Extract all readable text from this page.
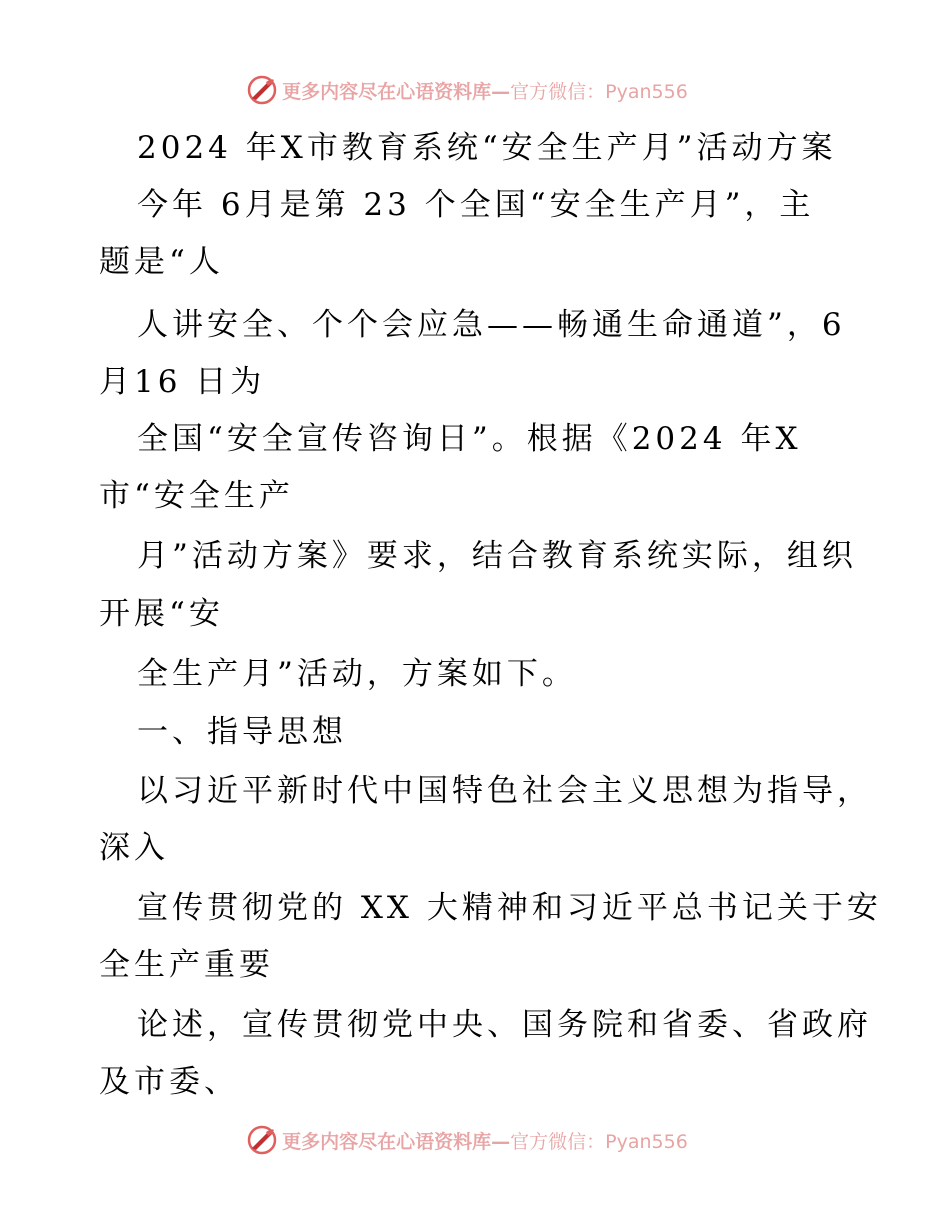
更多内容尽在心语资料库—官方微信：Pyan556
2024 年X市教育系统“安全生产月”活动方案
今年 6月是第 23 个全国“安全生产月”，主
题是“人
人讲安全、个个会应急——畅通生命通道”，6
月16 日为
全国“安全宣传咨询日”。根据《2024 年X
市“安全生产
月”活动方案》要求，结合教育系统实际，组织
开展“安
全生产月”活动，方案如下。
一、指导思想
以习近平新时代中国特色社会主义思想为指导，
深入
宣传贯彻党的 XX 大精神和习近平总书记关于安
全生产重要
论述，宣传贯彻党中央、国务院和省委、省政府
及市委、
更多内容尽在心语资料库—官方微信：Pyan556
